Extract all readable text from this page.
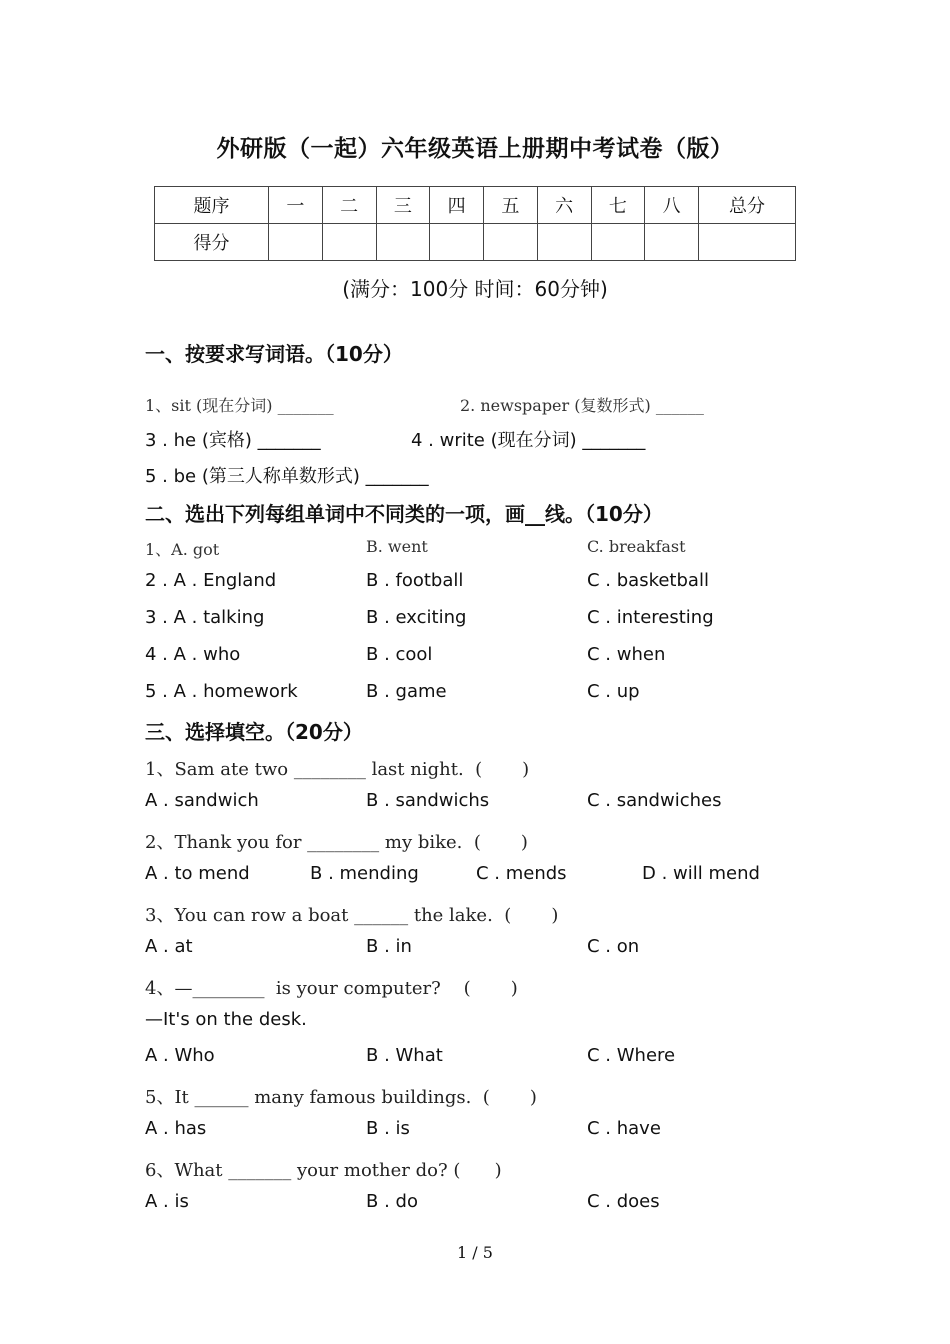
外研版（一起）六年级英语上册期中考试卷（版）
题序	一	二	三	四	五	六	七	八	总分
得分									
(满分：100分 时间：60分钟)
一、按要求写词语。（10分）
1、sit (现在分词) _______	2. newspaper (复数形式) ______
3 . he (宾格) _______	4 . write (现在分词) _______
5 . be (第三人称单数形式) _______
二、选出下列每组单词中不同类的一项，画__线。（10分）
1、A. got	B. went	C. breakfast
2 . A . England	B . football	C . basketball
3 . A . talking	B . exciting	C . interesting
4 . A . who	B . cool	C . when
5 . A . homework	B . game	C . up
三、选择填空。（20分）
1、Sam ate two ________ last night.  (       )
A . sandwich	B . sandwichs	C . sandwiches
2、Thank you for ________ my bike.  (       )
A . to mend	B . mending	C . mends	D . will mend
3、You can row a boat ______ the lake.  (       )
A . at	B . in	C . on
4、—________  is your computer?    (       )
—It's on the desk.
A . Who	B . What	C . Where
5、It ______ many famous buildings.  (       )
A . has	B . is	C . have
6、What _______ your mother do? (      )
A . is	B . do	C . does
1 / 5
